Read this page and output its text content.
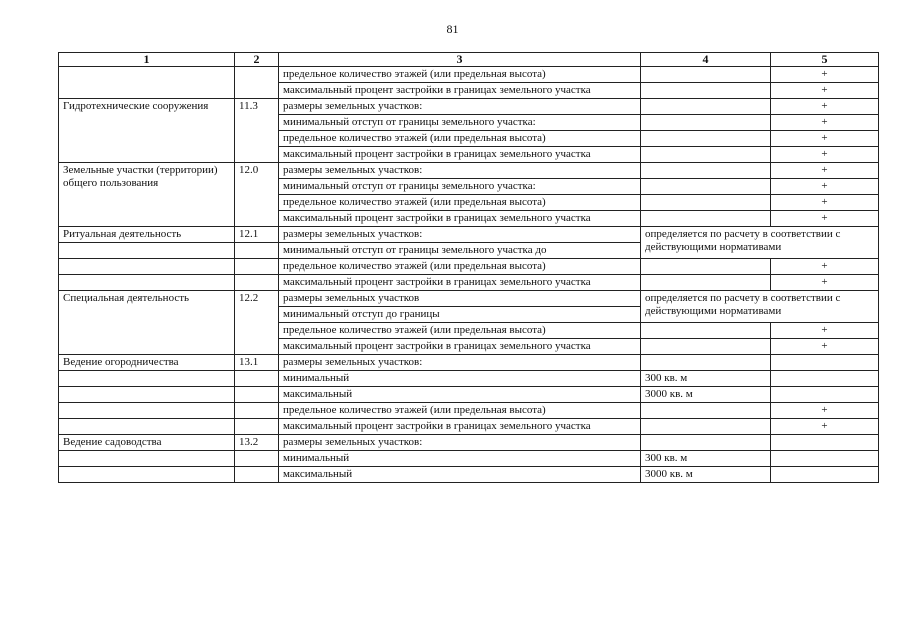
81
1	2	3	4	5
		предельное количество этажей (или предельная высота)		+
		максимальный процент застройки в границах земельного участка		+
Гидротехнические сооружения	11.3	размеры земельных участков:		+
		минимальный отступ от границы земельного участка:		+
		предельное количество этажей (или предельная высота)		+
		максимальный процент застройки в границах земельного участка		+
Земельные участки (территории) общего пользования	12.0	размеры земельных участков:		+
		минимальный отступ от границы земельного участка:		+
		предельное количество этажей (или предельная высота)		+
		максимальный процент застройки в границах земельного участка		+
Ритуальная деятельность	12.1	размеры земельных участков:	определяется по расчету в соответствии с действующими нормативами	
		минимальный отступ от границы земельного участка до		
		предельное количество этажей (или предельная высота)		+
		максимальный процент застройки в границах земельного участка		+
Специальная деятельность	12.2	размеры земельных участков	определяется по расчету в соответствии с действующими нормативами	
		минимальный отступ до границы		
		предельное количество этажей (или предельная высота)		+
		максимальный процент застройки в границах земельного участка		+
Ведение огородничества	13.1	размеры земельных участков:		
		минимальный	300 кв. м	
		максимальный	3000 кв. м	
		предельное количество этажей (или предельная высота)		+
		максимальный процент застройки в границах земельного участка		+
Ведение садоводства	13.2	размеры земельных участков:		
		минимальный	300 кв. м	
		максимальный	3000 кв. м	
